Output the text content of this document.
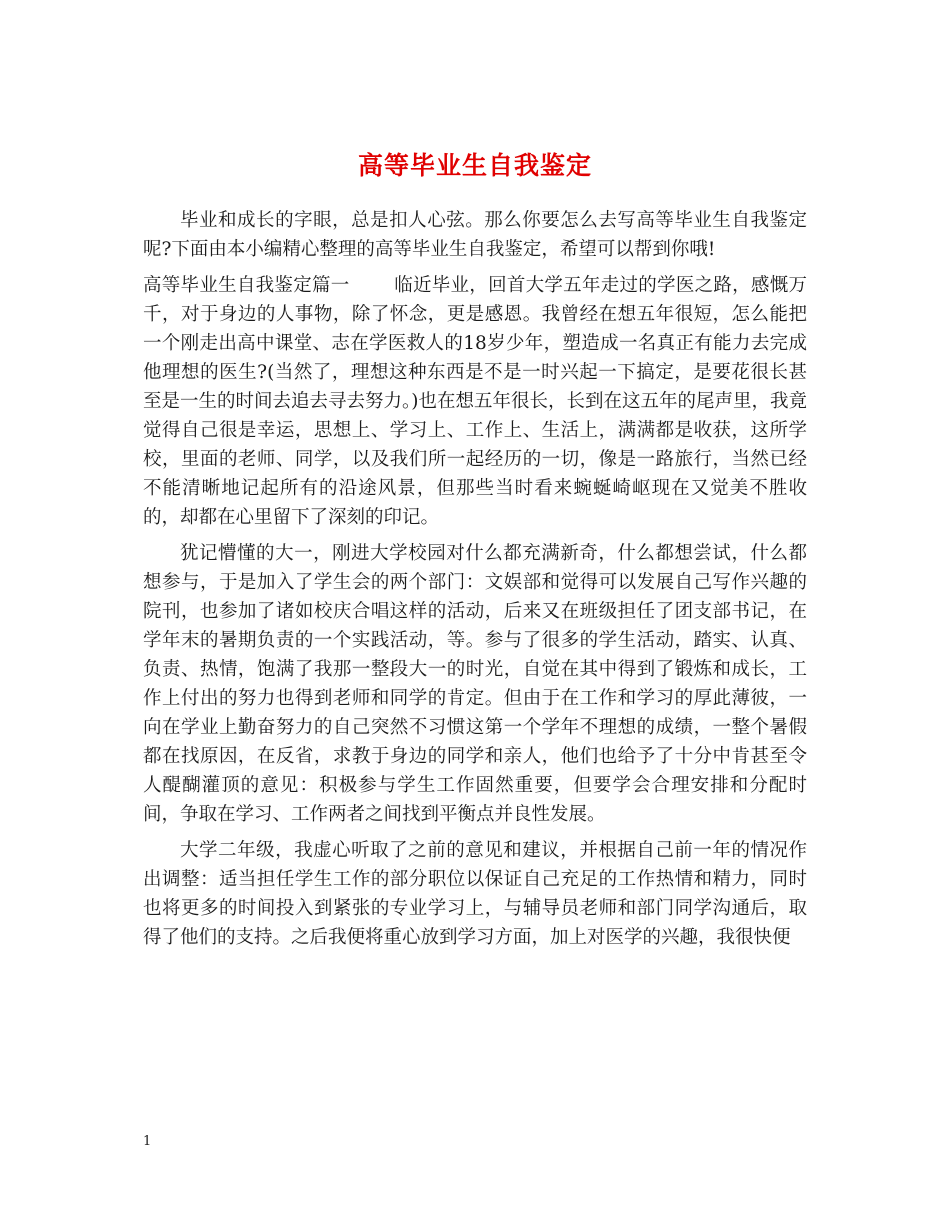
高等毕业生自我鉴定

毕业和成长的字眼，总是扣人心弦。那么你要怎么去写高等毕业生自我鉴定呢?下面由本小编精心整理的高等毕业生自我鉴定，希望可以帮到你哦!

高等毕业生自我鉴定篇一 临近毕业，回首大学五年走过的学医之路，感慨万千，对于身边的人事物，除了怀念，更是感恩。我曾经在想五年很短，怎么能把一个刚走出高中课堂、志在学医救人的18岁少年，塑造成一名真正有能力去完成他理想的医生?(当然了，理想这种东西是不是一时兴起一下搞定，是要花很长甚至是一生的时间去追去寻去努力。)也在想五年很长，长到在这五年的尾声里，我竟觉得自己很是幸运，思想上、学习上、工作上、生活上，满满都是收获，这所学校，里面的老师、同学，以及我们所一起经历的一切，像是一路旅行，当然已经不能清晰地记起所有的沿途风景，但那些当时看来蜿蜒崎岖现在又觉美不胜收的，却都在心里留下了深刻的印记。

犹记懵懂的大一，刚进大学校园对什么都充满新奇，什么都想尝试，什么都想参与，于是加入了学生会的两个部门：文娱部和觉得可以发展自己写作兴趣的院刊，也参加了诸如校庆合唱这样的活动，后来又在班级担任了团支部书记，在学年末的暑期负责的一个实践活动，等。参与了很多的学生活动，踏实、认真、负责、热情，饱满了我那一整段大一的时光，自觉在其中得到了锻炼和成长，工作上付出的努力也得到老师和同学的肯定。但由于在工作和学习的厚此薄彼，一向在学业上勤奋努力的自己突然不习惯这第一个学年不理想的成绩，一整个暑假都在找原因，在反省，求教于身边的同学和亲人，他们也给予了十分中肯甚至令人醍醐灌顶的意见：积极参与学生工作固然重要，但要学会合理安排和分配时间，争取在学习、工作两者之间找到平衡点并良性发展。

大学二年级，我虚心听取了之前的意见和建议，并根据自己前一年的情况作出调整：适当担任学生工作的部分职位以保证自己充足的工作热情和精力，同时也将更多的时间投入到紧张的专业学习上，与辅导员老师和部门同学沟通后，取得了他们的支持。之后我便将重心放到学习方面，加上对医学的兴趣，我很快便

1
